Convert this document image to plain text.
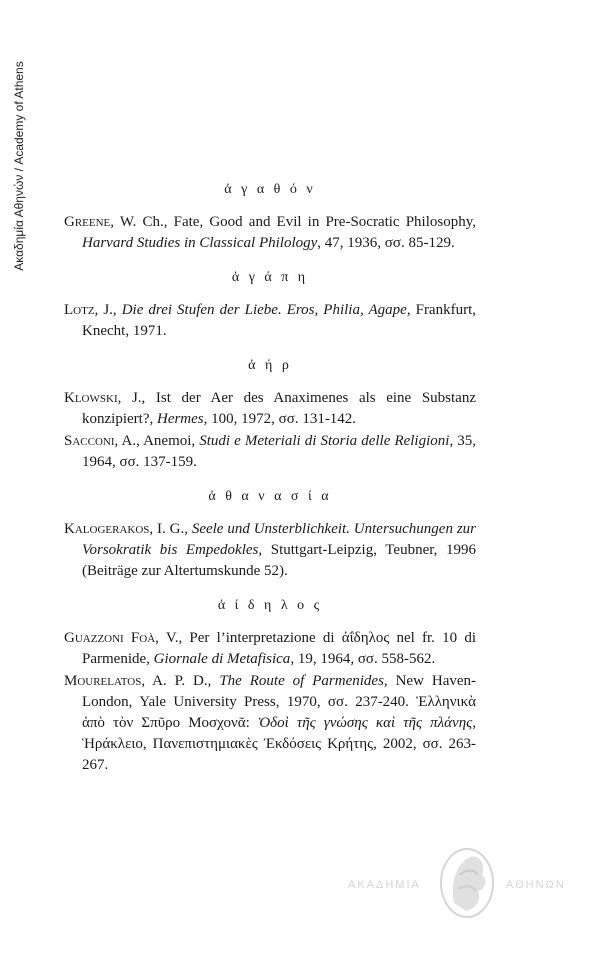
Ακαδημία Αθηνών / Academy of Athens	ἀ γ α θ ό ν

Greene, W. Ch., Fate, Good and Evil in Pre-Socratic Philosophy, Harvard Studies in Classical Philology, 47, 1936, σσ. 85-129.

ἀ γ ά π η

Lotz, J., Die drei Stufen der Liebe. Eros, Philia, Agape, Frankfurt, Knecht, 1971.

ἀ ή ρ

Klowski, J., Ist der Aer des Anaximenes als eine Substanz konzipiert?, Hermes, 100, 1972, σσ. 131-142.

Sacconi, A., Anemoi, Studi e Meteriali di Storia delle Religioni, 35, 1964, σσ. 137-159.

ἀ θ α ν α σ ί α

Kalogerakos, I. G., Seele und Unsterblichkeit. Untersuchungen zur Vorsokratik bis Empedokles, Stuttgart-Leipzig, Teubner, 1996 (Beiträge zur Altertumskunde 52).

ἀ ί δ η λ ο ς

Guazzoni Foà, V., Per l’interpretazione di ἀΐδηλος nel fr. 10 di Parmenide, Giornale di Metafisica, 19, 1964, σσ. 558-562.

Mourelatos, A. P. D., The Route of Parmenides, New Haven-London, Yale University Press, 1970, σσ. 237-240. Ἑλληνικὰ ἀπὸ τὸν Σπῦρο Μοσχονᾶ: Ὁδοὶ τῆς γνώσης καὶ τῆς πλάνης, Ἡράκλειο, Πανεπιστημιακὲς Ἐκδόσεις Κρήτης, 2002, σσ. 263-267.

ΑΚΑΔΗΜΙΑ	ΑΘΗΝΩΝ
